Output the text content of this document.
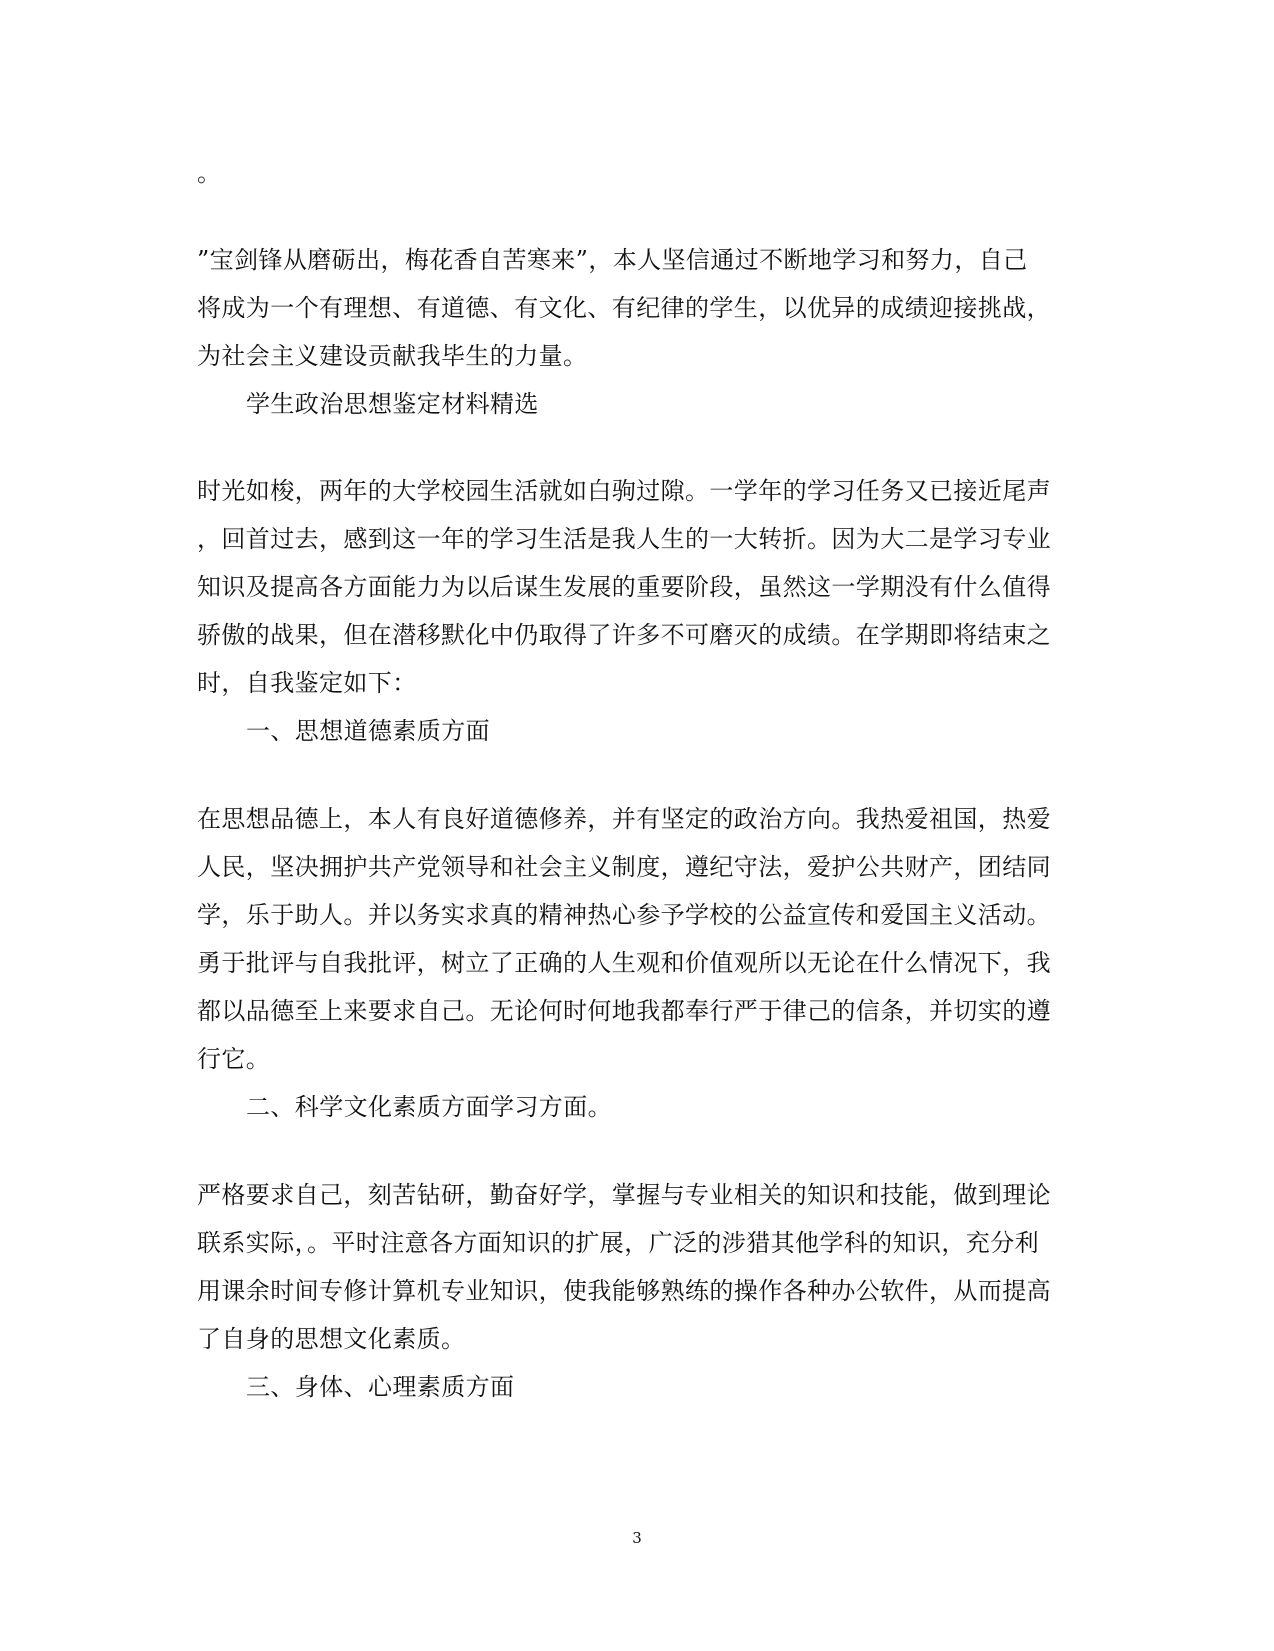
。
”宝剑锋从磨砺出，梅花香自苦寒来”，本人坚信通过不断地学习和努力，自己
将成为一个有理想、有道德、有文化、有纪律的学生，以优异的成绩迎接挑战，
为社会主义建设贡献我毕生的力量。
学生政治思想鉴定材料精选
时光如梭，两年的大学校园生活就如白驹过隙。一学年的学习任务又已接近尾声
，回首过去，感到这一年的学习生活是我人生的一大转折。因为大二是学习专业
知识及提高各方面能力为以后谋生发展的重要阶段，虽然这一学期没有什么值得
骄傲的战果，但在潜移默化中仍取得了许多不可磨灭的成绩。在学期即将结束之
时，自我鉴定如下：
一、思想道德素质方面
在思想品德上，本人有良好道德修养，并有坚定的政治方向。我热爱祖国，热爱
人民，坚决拥护共产党领导和社会主义制度，遵纪守法，爱护公共财产，团结同
学，乐于助人。并以务实求真的精神热心参予学校的公益宣传和爱国主义活动。
勇于批评与自我批评，树立了正确的人生观和价值观所以无论在什么情况下，我
都以品德至上来要求自己。无论何时何地我都奉行严于律己的信条，并切实的遵
行它。
二、科学文化素质方面学习方面。
严格要求自己，刻苦钻研，勤奋好学，掌握与专业相关的知识和技能，做到理论
联系实际，。平时注意各方面知识的扩展，广泛的涉猎其他学科的知识，充分利
用课余时间专修计算机专业知识，使我能够熟练的操作各种办公软件，从而提高
了自身的思想文化素质。
三、身体、心理素质方面
3
